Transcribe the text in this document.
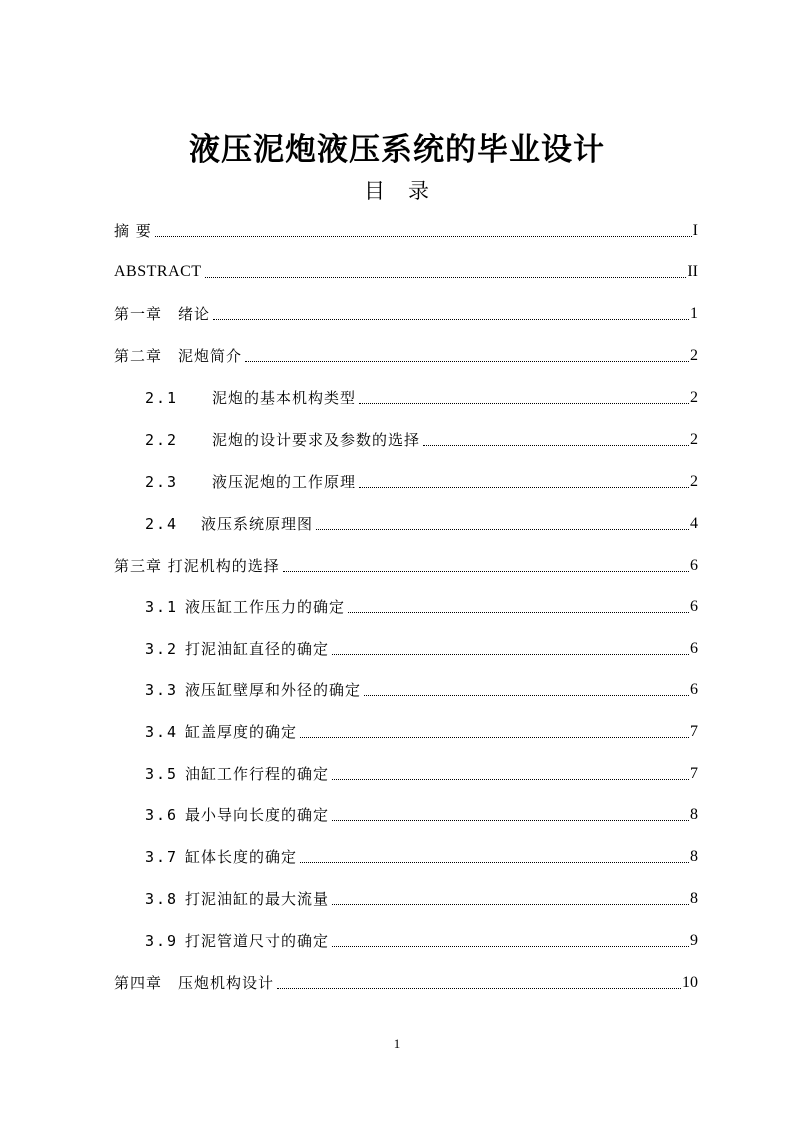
液压泥炮液压系统的毕业设计
目　录
摘 要	I
ABSTRACT	II
第一章　绪论	1
第二章　泥炮简介	2
2.1	泥炮的基本机构类型	2
2.2	泥炮的设计要求及参数的选择	2
2.3	液压泥炮的工作原理	2
2.4	液压系统原理图	4
第三章 打泥机构的选择	6
3.1 液压缸工作压力的确定	6
3.2 打泥油缸直径的确定	6
3.3 液压缸壁厚和外径的确定	6
3.4 缸盖厚度的确定	7
3.5 油缸工作行程的确定	7
3.6 最小导向长度的确定	8
3.7 缸体长度的确定	8
3.8 打泥油缸的最大流量	8
3.9 打泥管道尺寸的确定	9
第四章　压炮机构设计	10
1
